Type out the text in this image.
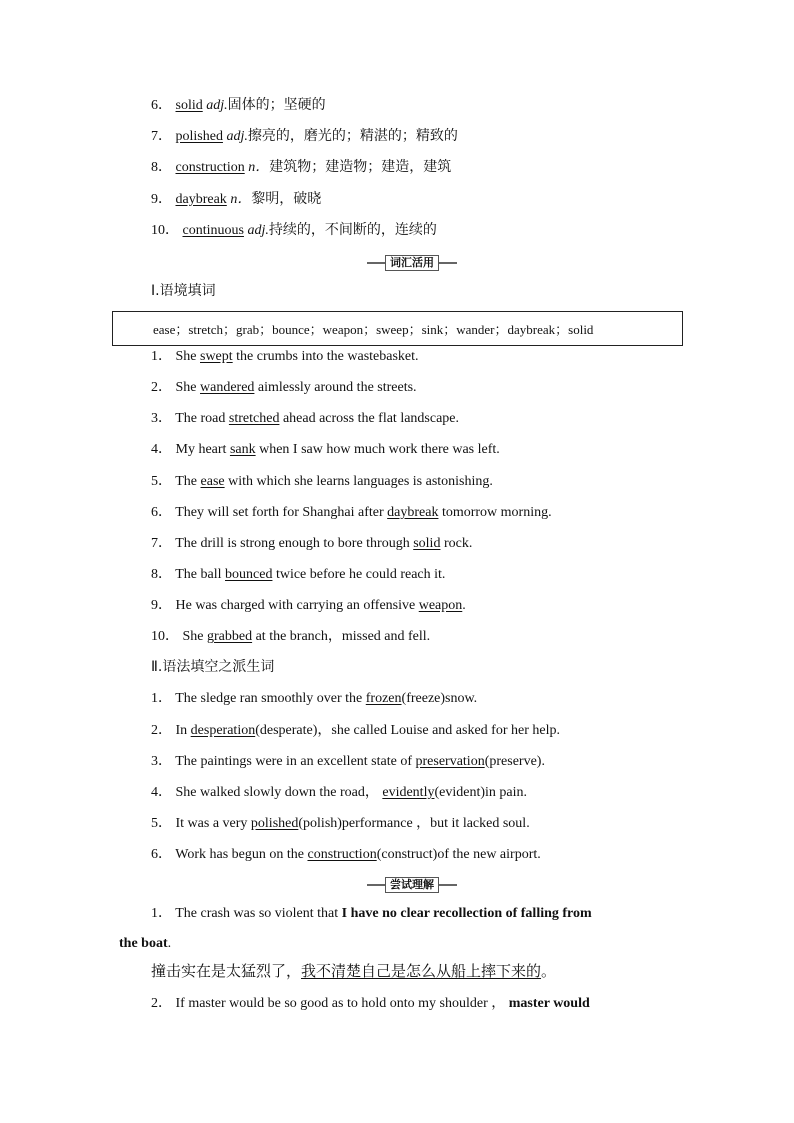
6． solid adj.固体的；坚硬的
7． polished adj.擦亮的，磨光的；精湛的；精致的
8． construction n．建筑物；建造物；建造，建筑
9． daybreak n．黎明，破晓
10． continuous adj.持续的，不间断的，连续的
词汇活用
Ⅰ.语境填词
ease；stretch；grab；bounce；weapon；sweep；sink；wander；daybreak；solid
1． She swept the crumbs into the wastebasket.
2． She wandered aimlessly around the streets.
3． The road stretched ahead across the flat landscape.
4． My heart sank when I saw how much work there was left.
5． The ease with which she learns languages is astonishing.
6． They will set forth for Shanghai after daybreak tomorrow morning.
7． The drill is strong enough to bore through solid rock.
8． The ball bounced twice before he could reach it.
9． He was charged with carrying an offensive weapon.
10． She grabbed at the branch，missed and fell.
Ⅱ.语法填空之派生词
1． The sledge ran smoothly over the frozen(freeze)snow.
2． In desperation(desperate)，she called Louise and asked for her help.
3． The paintings were in an excellent state of preservation(preserve).
4． She walked slowly down the road， evidently(evident)in pain.
5． It was a very polished(polish)performance ，but it lacked soul.
6． Work has begun on the construction(construct)of the new airport.
尝试理解
1． The crash was so violent that I have no clear recollection of falling from
the boat.
撞击实在是太猛烈了，我不清楚自己是怎么从船上摔下来的。
2． If master would be so good as to hold onto my shoulder ， master would
